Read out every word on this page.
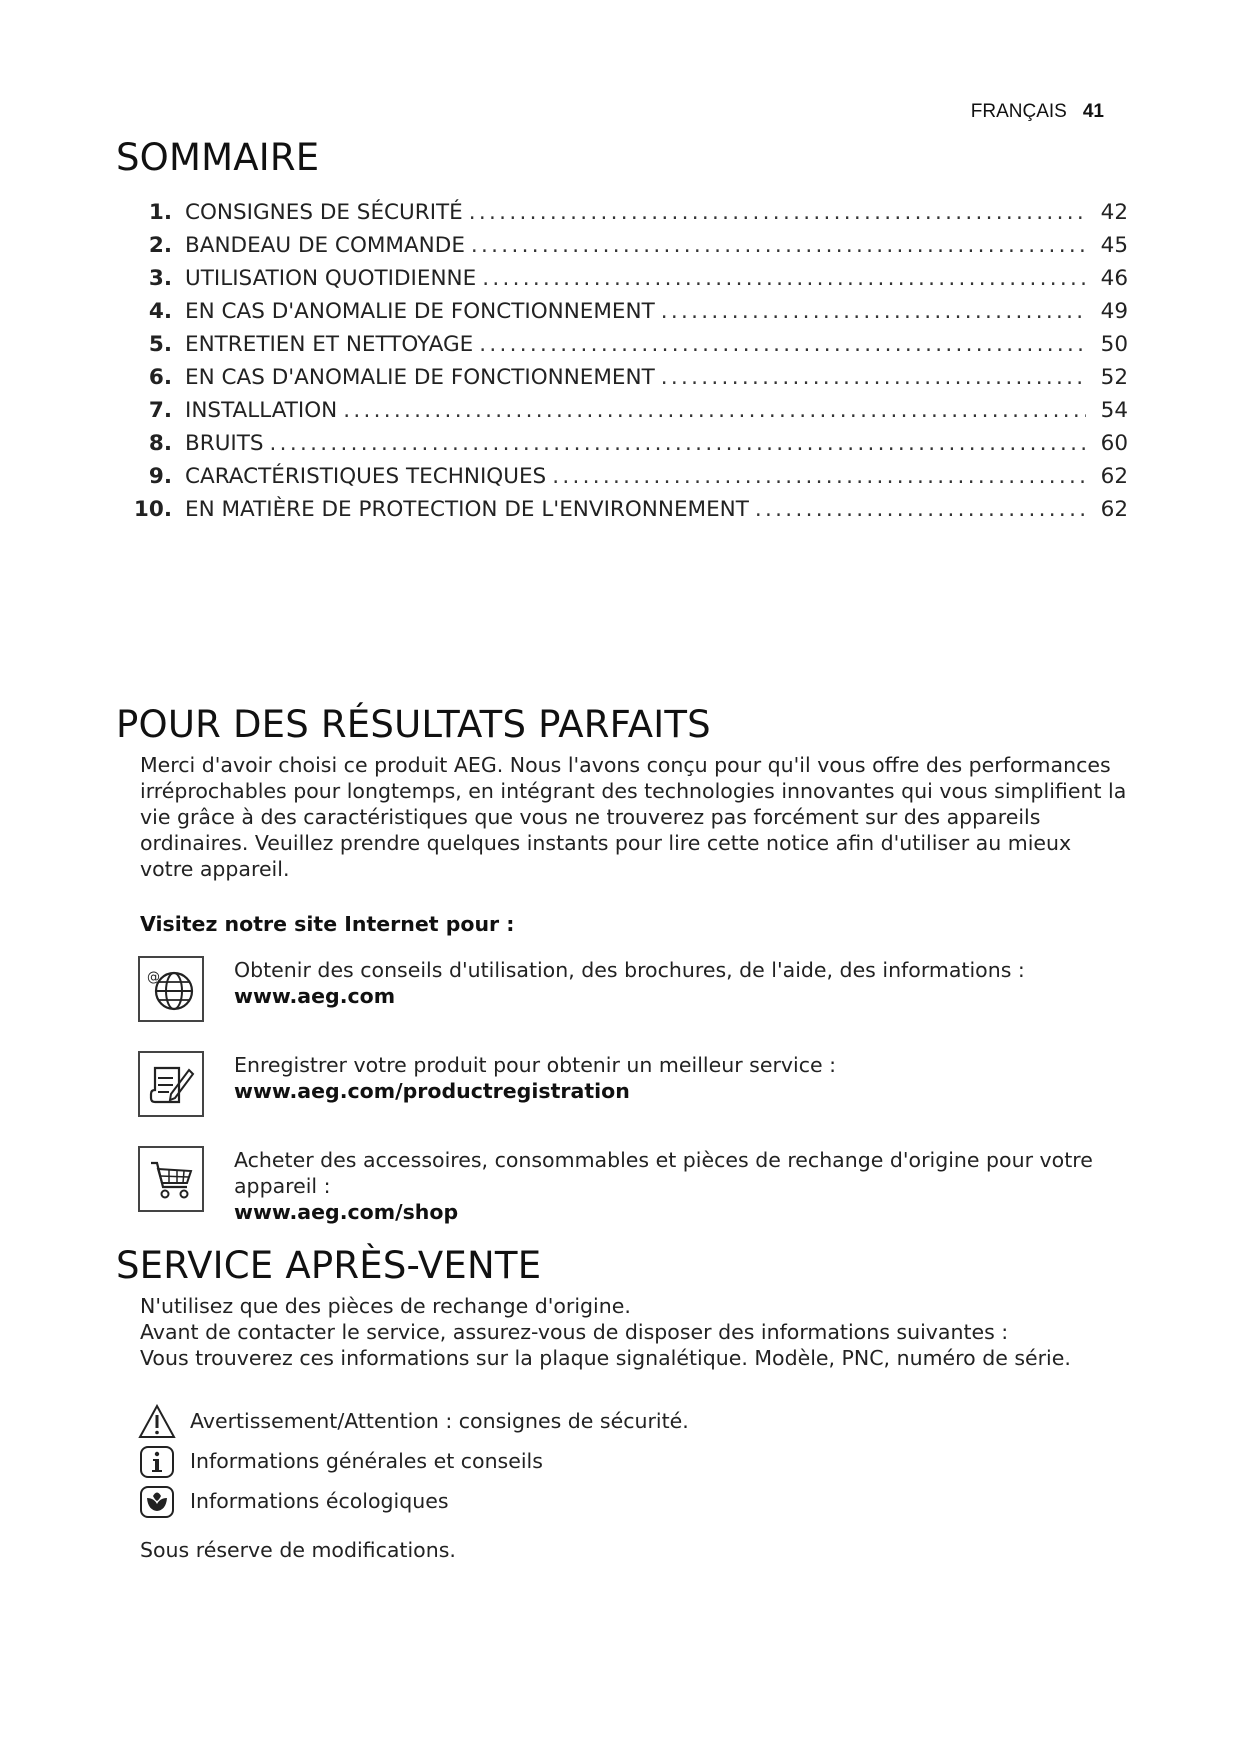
FRANÇAIS 41
SOMMAIRE
1. CONSIGNES DE SÉCURITÉ .....	42
2. BANDEAU DE COMMANDE .....	45
3. UTILISATION QUOTIDIENNE .....	46
4. EN CAS D'ANOMALIE DE FONCTIONNEMENT .....	49
5. ENTRETIEN ET NETTOYAGE .....	50
6. EN CAS D'ANOMALIE DE FONCTIONNEMENT .....	52
7. INSTALLATION .....	54
8. BRUITS .....	60
9. CARACTÉRISTIQUES TECHNIQUES .....	62
10. EN MATIÈRE DE PROTECTION DE L'ENVIRONNEMENT .....	62
POUR DES RÉSULTATS PARFAITS

Merci d'avoir choisi ce produit AEG. Nous l'avons conçu pour qu'il vous offre des performances irréprochables pour longtemps, en intégrant des technologies innovantes qui vous simplifient la vie grâce à des caractéristiques que vous ne trouverez pas forcément sur des appareils ordinaires. Veuillez prendre quelques instants pour lire cette notice afin d'utiliser au mieux votre appareil.

Visitez notre site Internet pour :
@	Obtenir des conseils d'utilisation, des brochures, de l'aide, des informations :
www.aeg.com
Enregistrer votre produit pour obtenir un meilleur service :
www.aeg.com/productregistration
Acheter des accessoires, consommables et pièces de rechange d'origine pour votre appareil :
www.aeg.com/shop
SERVICE APRÈS-VENTE
N'utilisez que des pièces de rechange d'origine.
Avant de contacter le service, assurez-vous de disposer des informations suivantes :
Vous trouverez ces informations sur la plaque signalétique. Modèle, PNC, numéro de série.
Avertissement/Attention : consignes de sécurité.
Informations générales et conseils
Informations écologiques
Sous réserve de modifications.
